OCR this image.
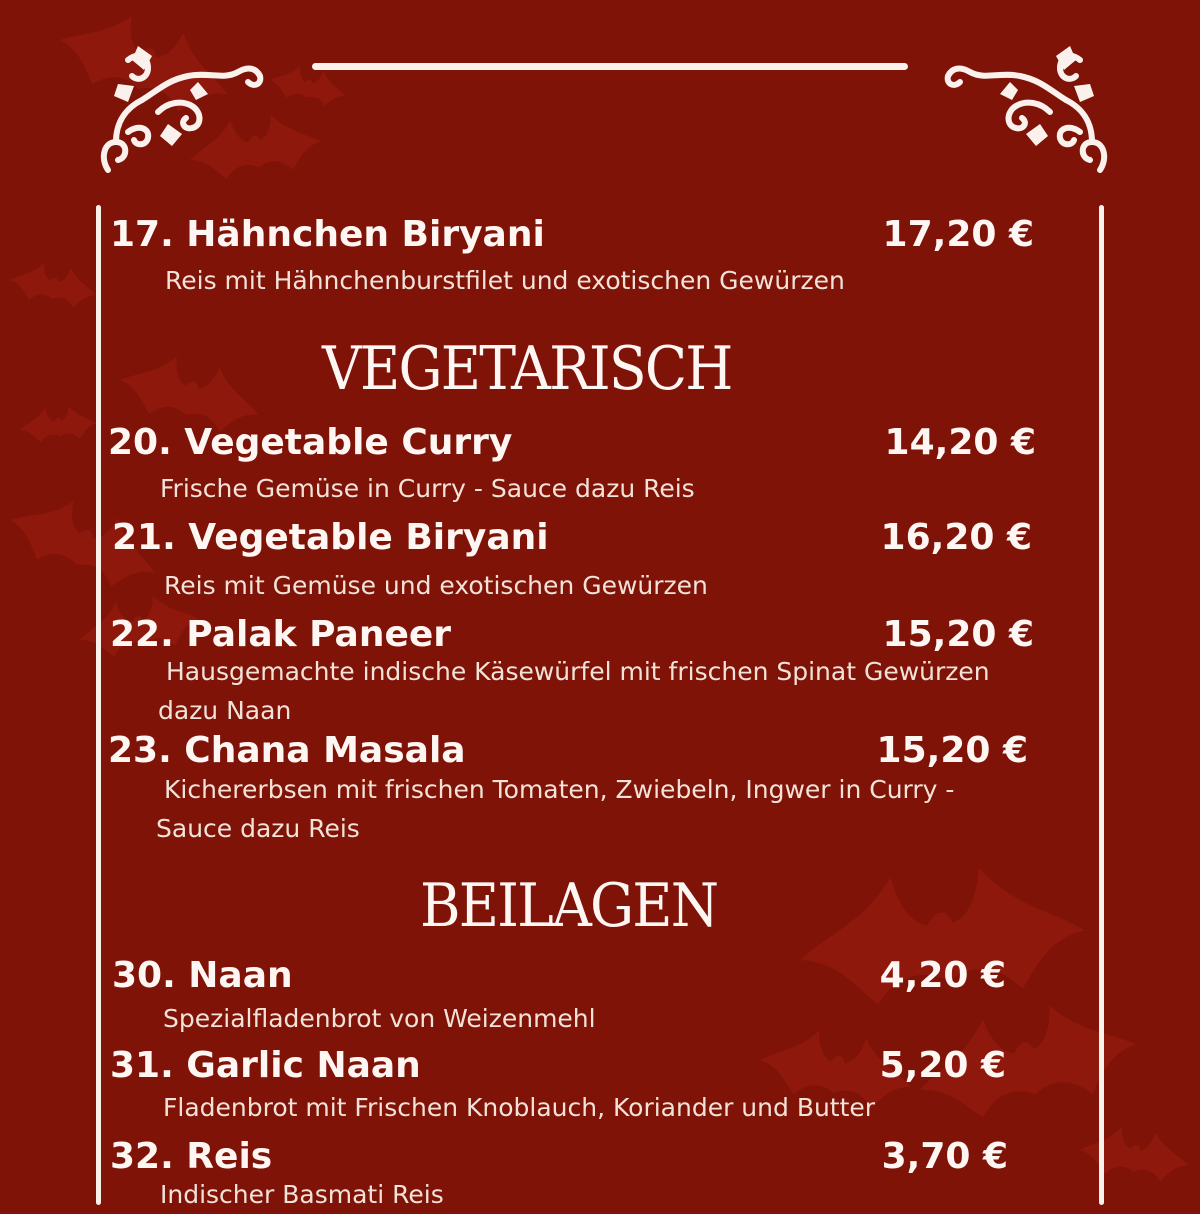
17. Hähnchen Biryani	17,20 €
Reis mit Hähnchenburstfilet und exotischen Gewürzen
VEGETARISCH
20. Vegetable Curry	14,20 €
Frische Gemüse in Curry - Sauce dazu Reis
21. Vegetable Biryani	16,20 €
Reis mit Gemüse und exotischen Gewürzen
22. Palak Paneer	15,20 €
Hausgemachte indische Käsewürfel mit frischen Spinat Gewürzen
dazu Naan
23. Chana Masala	15,20 €
Kichererbsen mit frischen Tomaten, Zwiebeln, Ingwer in Curry -
Sauce dazu Reis
BEILAGEN
30. Naan	4,20 €
Spezialfladenbrot von Weizenmehl
31. Garlic Naan	5,20 €
Fladenbrot mit Frischen Knoblauch, Koriander und Butter
32. Reis	3,70 €
Indischer Basmati Reis
